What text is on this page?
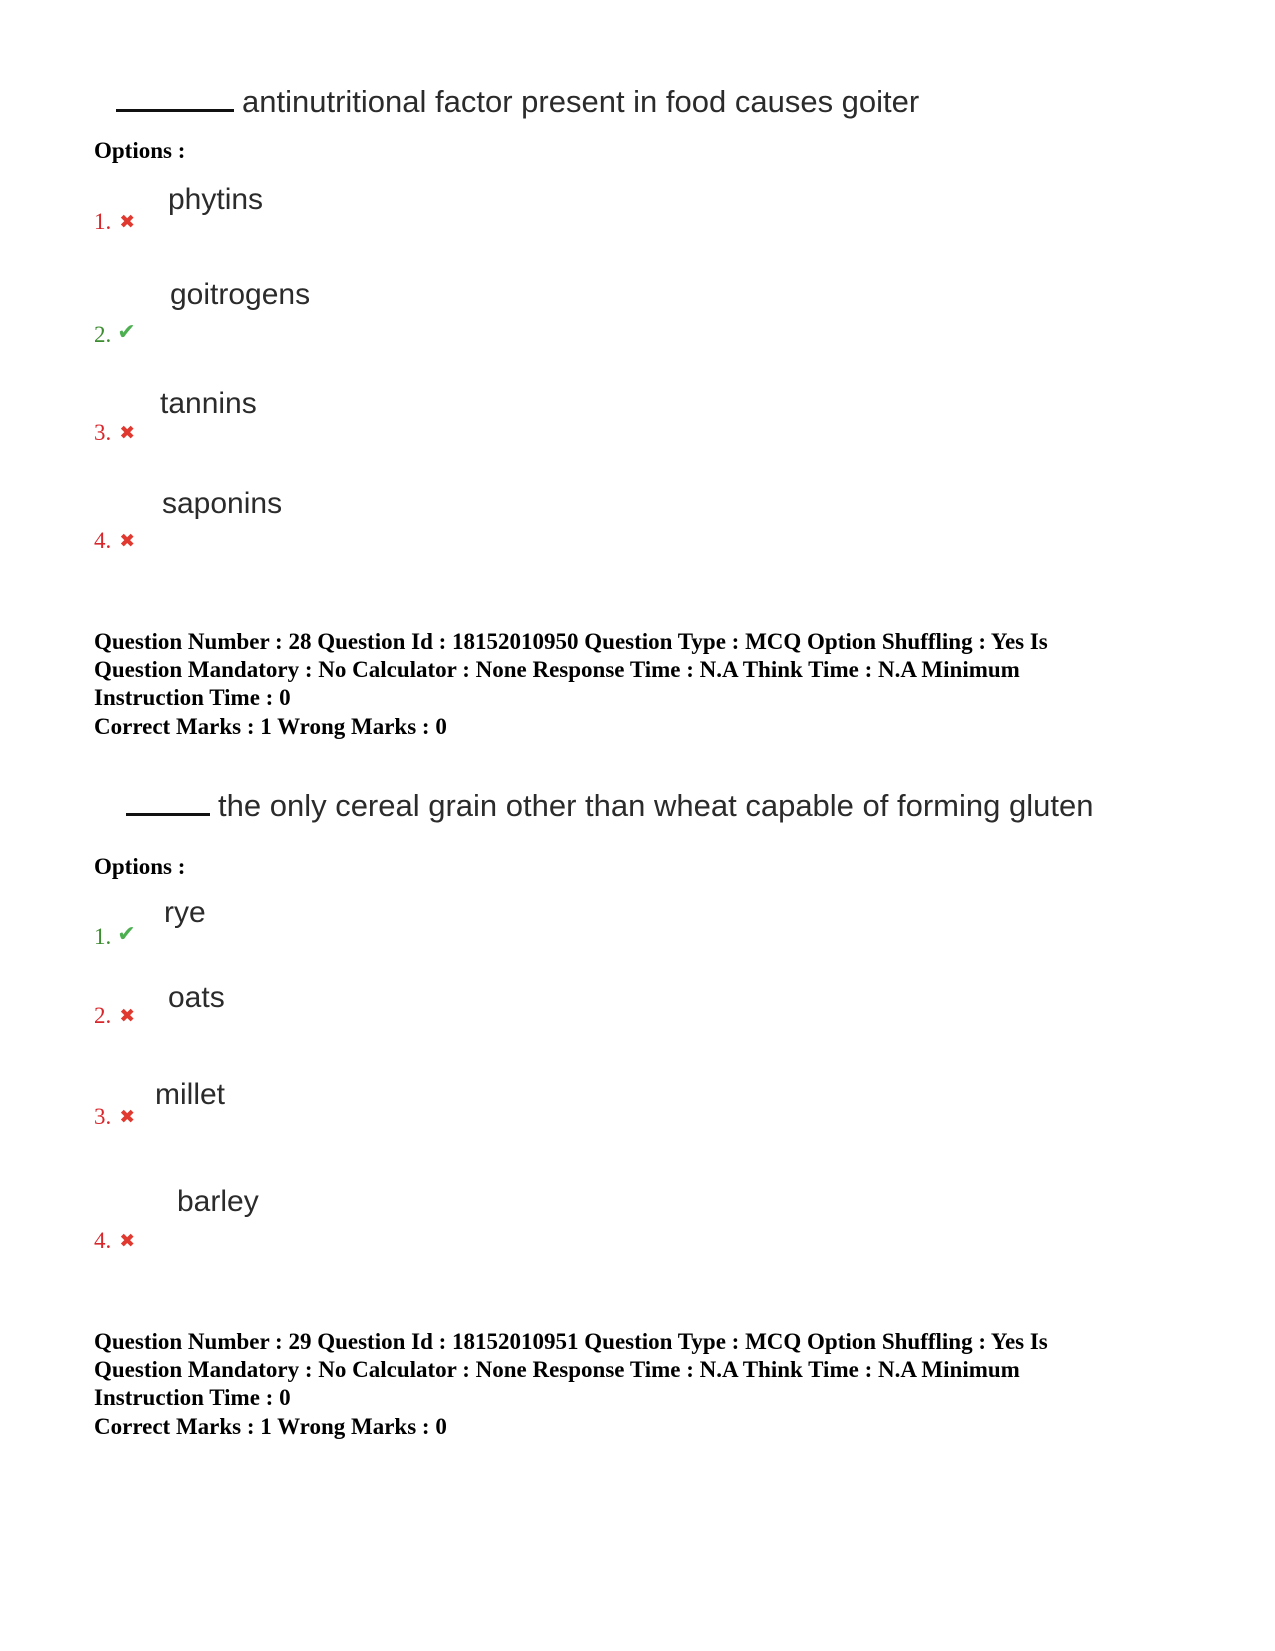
antinutritional factor present in food causes goiter
Options :
1. ✖
phytins
2. ✔
goitrogens
3. ✖
tannins
4. ✖
saponins
Question Number : 28 Question Id : 18152010950 Question Type : MCQ Option Shuffling : Yes Is Question Mandatory : No Calculator : None Response Time : N.A Think Time : N.A Minimum Instruction Time : 0
Correct Marks : 1 Wrong Marks : 0
the only cereal grain other than wheat capable of forming gluten
Options :
1. ✔
rye
2. ✖
oats
3. ✖
millet
4. ✖
barley
Question Number : 29 Question Id : 18152010951 Question Type : MCQ Option Shuffling : Yes Is Question Mandatory : No Calculator : None Response Time : N.A Think Time : N.A Minimum Instruction Time : 0
Correct Marks : 1 Wrong Marks : 0
